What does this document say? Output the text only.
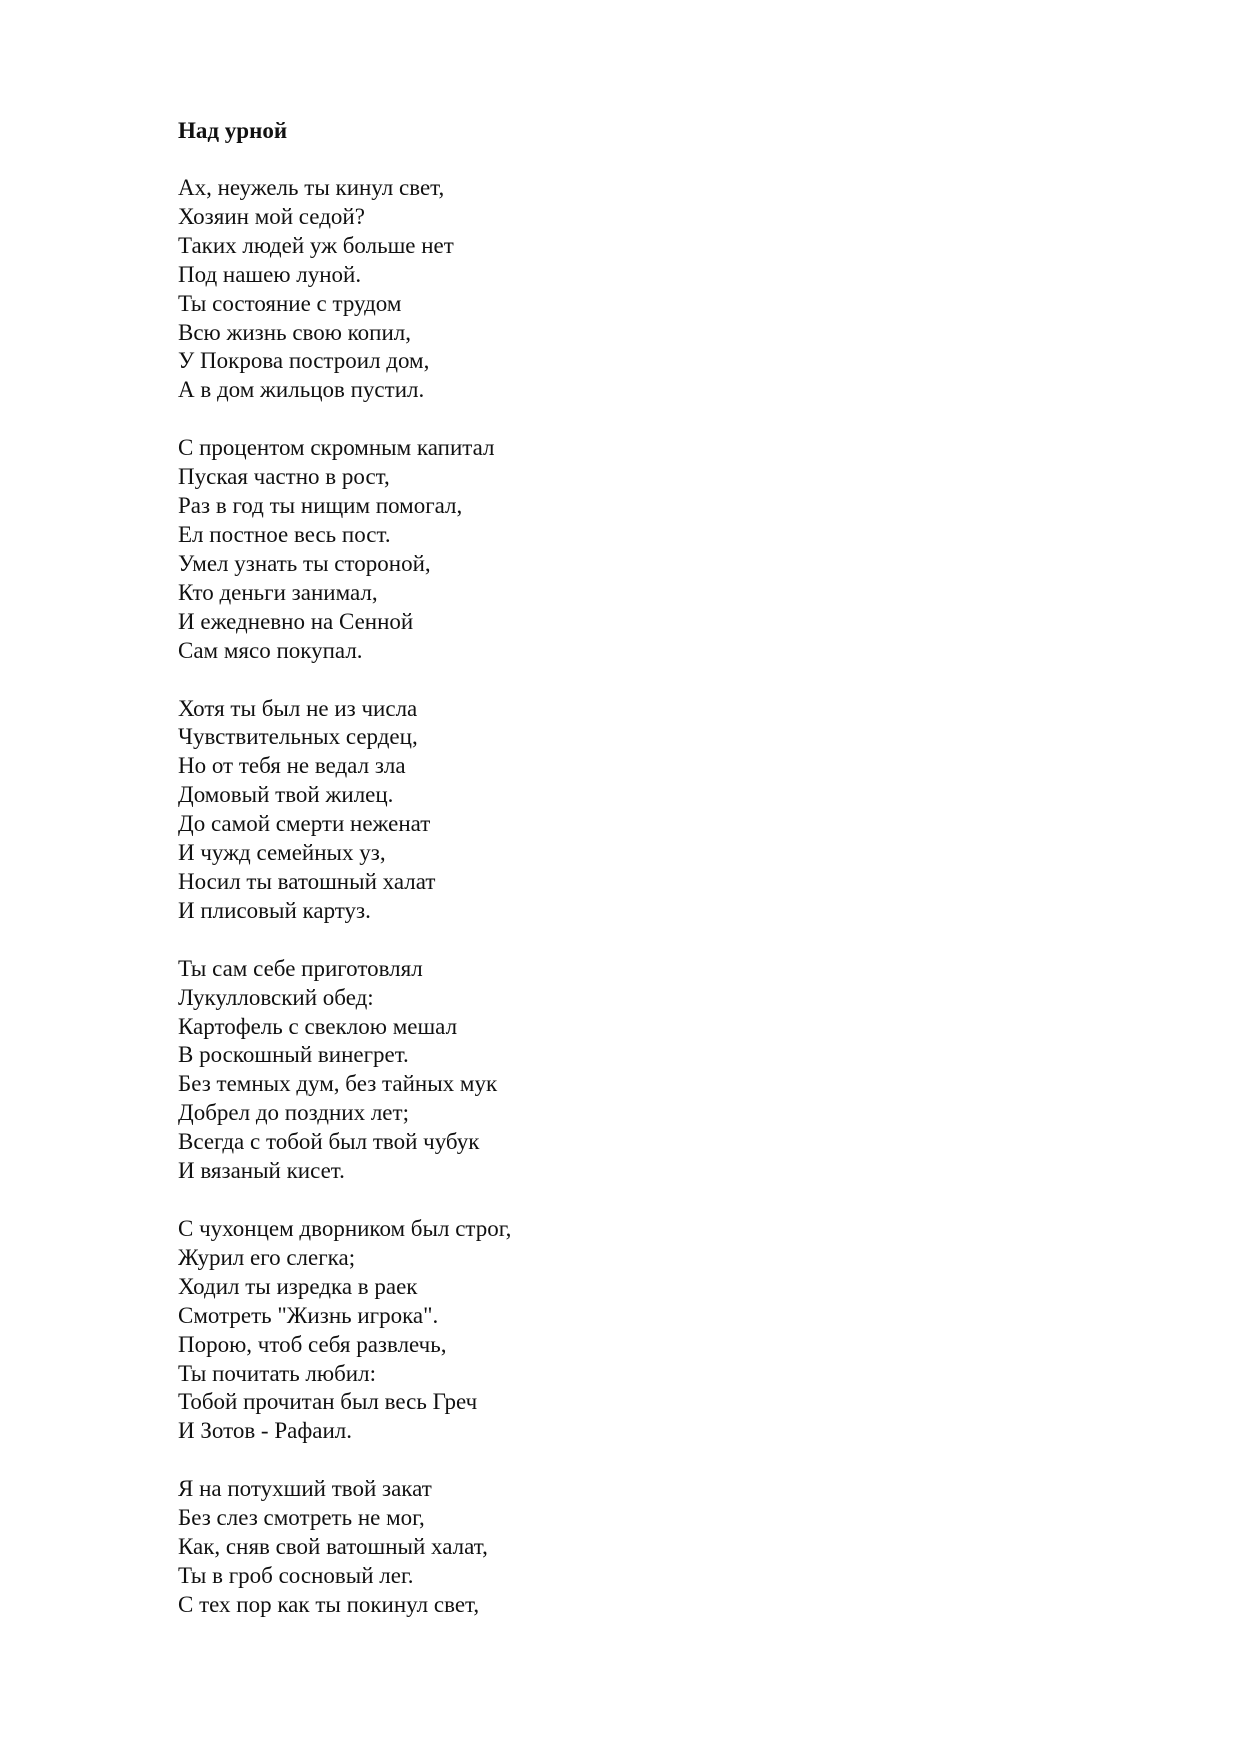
Над урной
Ах, неужель ты кинул свет,
Хозяин мой седой?
Таких людей уж больше нет
Под нашею луной.
Ты состояние с трудом
Всю жизнь свою копил,
У Покрова построил дом,
А в дом жильцов пустил.
С процентом скромным капитал
Пуская частно в рост,
Раз в год ты нищим помогал,
Ел постное весь пост.
Умел узнать ты стороной,
Кто деньги занимал,
И ежедневно на Сенной
Сам мясо покупал.
Хотя ты был не из числа
Чувствительных сердец,
Но от тебя не ведал зла
Домовый твой жилец.
До самой смерти неженат
И чужд семейных уз,
Носил ты ватошный халат
И плисовый картуз.
Ты сам себе приготовлял
Лукулловский обед:
Картофель с свеклою мешал
В роскошный винегрет.
Без темных дум, без тайных мук
Добрел до поздних лет;
Всегда с тобой был твой чубук
И вязаный кисет.
С чухонцем дворником был строг,
Журил его слегка;
Ходил ты изредка в раек
Смотреть "Жизнь игрока".
Порою, чтоб себя развлечь,
Ты почитать любил:
Тобой прочитан был весь Греч
И Зотов - Рафаил.
Я на потухший твой закат
Без слез смотреть не мог,
Как, сняв свой ватошный халат,
Ты в гроб сосновый лег.
С тех пор как ты покинул свет,
